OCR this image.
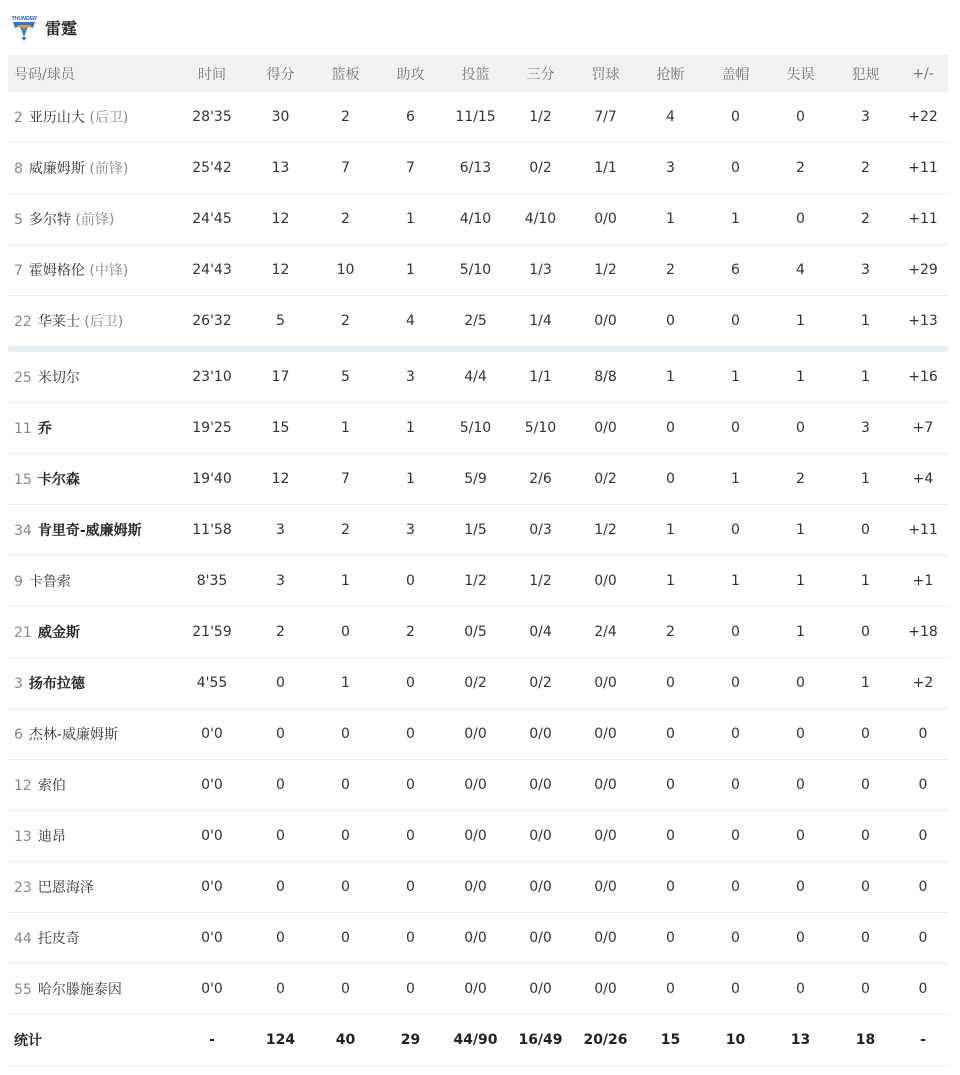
THUNDER
雷霆
号码/球员	时间	得分	篮板	助攻	投篮	三分	罚球	抢断	盖帽	失误	犯规	+/-
2 亚历山大 (后卫)	28'35	30	2	6	11/15	1/2	7/7	4	0	0	3	+22
8 威廉姆斯 (前锋)	25'42	13	7	7	6/13	0/2	1/1	3	0	2	2	+11
5 多尔特 (前锋)	24'45	12	2	1	4/10	4/10	0/0	1	1	0	2	+11
7 霍姆格伦 (中锋)	24'43	12	10	1	5/10	1/3	1/2	2	6	4	3	+29
22 华莱士 (后卫)	26'32	5	2	4	2/5	1/4	0/0	0	0	1	1	+13

25 米切尔	23'10	17	5	3	4/4	1/1	8/8	1	1	1	1	+16
11 乔	19'25	15	1	1	5/10	5/10	0/0	0	0	0	3	+7
15 卡尔森	19'40	12	7	1	5/9	2/6	0/2	0	1	2	1	+4
34 肯里奇-威廉姆斯	11'58	3	2	3	1/5	0/3	1/2	1	0	1	0	+11
9 卡鲁索	8'35	3	1	0	1/2	1/2	0/0	1	1	1	1	+1
21 威金斯	21'59	2	0	2	0/5	0/4	2/4	2	0	1	0	+18
3 扬布拉德	4'55	0	1	0	0/2	0/2	0/0	0	0	0	1	+2
6 杰林-威廉姆斯	0'0	0	0	0	0/0	0/0	0/0	0	0	0	0	0
12 索伯	0'0	0	0	0	0/0	0/0	0/0	0	0	0	0	0
13 迪昂	0'0	0	0	0	0/0	0/0	0/0	0	0	0	0	0
23 巴恩海泽	0'0	0	0	0	0/0	0/0	0/0	0	0	0	0	0
44 托皮奇	0'0	0	0	0	0/0	0/0	0/0	0	0	0	0	0
55 哈尔滕施泰因	0'0	0	0	0	0/0	0/0	0/0	0	0	0	0	0
统计	-	124	40	29	44/90	16/49	20/26	15	10	13	18	-
